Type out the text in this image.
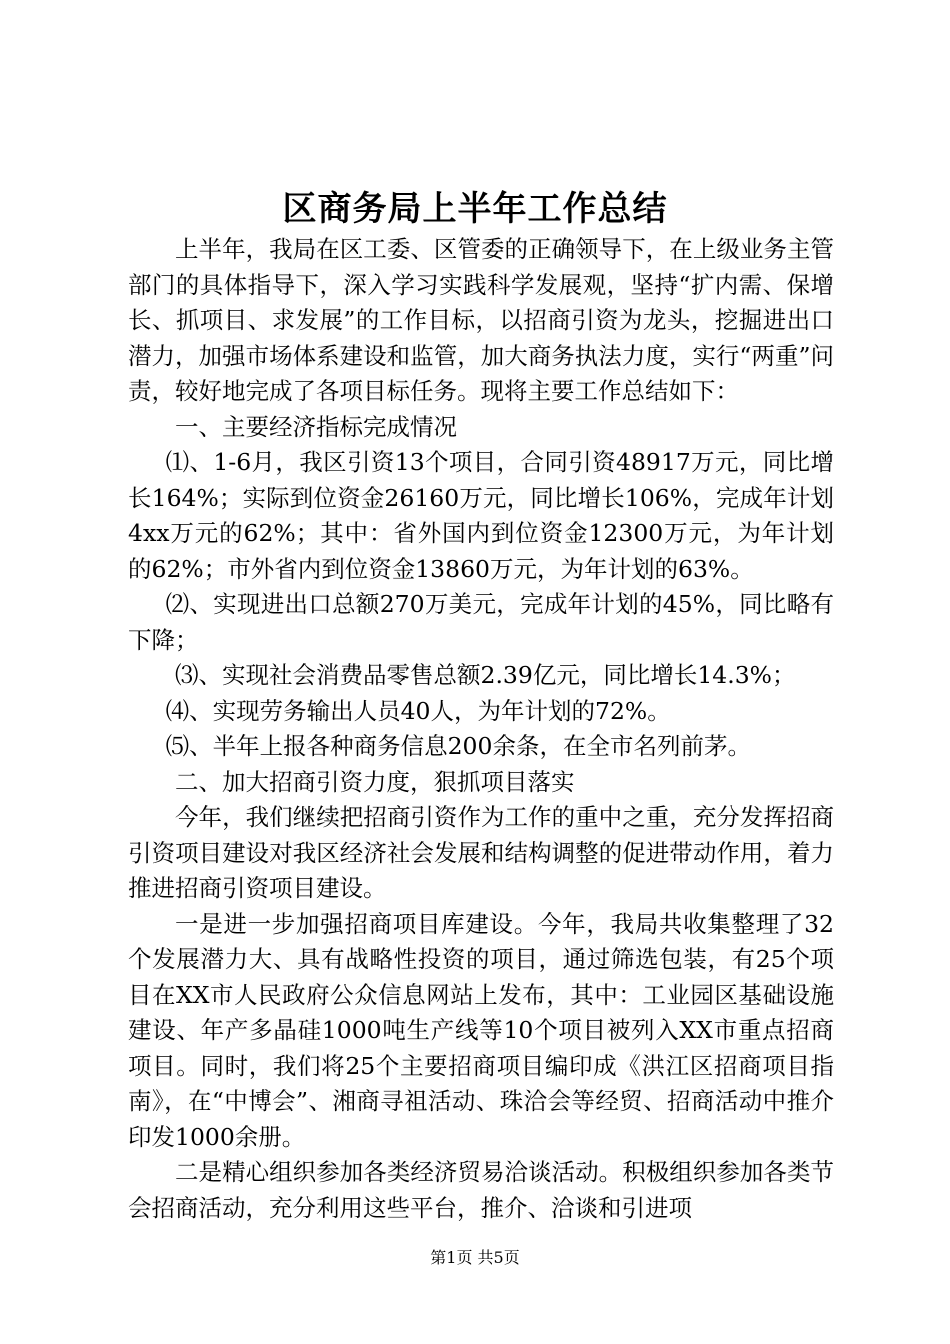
区商务局上半年工作总结

上半年，我局在区工委、区管委的正确领导下，在上级业务主管部门的具体指导下，深入学习实践科学发展观，坚持“扩内需、保增长、抓项目、求发展”的工作目标，以招商引资为龙头，挖掘进出口潜力，加强市场体系建设和监管，加大商务执法力度，实行“两重”问责，较好地完成了各项目标任务。现将主要工作总结如下：

一、主要经济指标完成情况

⑴、1-6月，我区引资13个项目，合同引资48917万元，同比增长164%；实际到位资金26160万元，同比增长106%，完成年计划4xx万元的62%；其中：省外国内到位资金12300万元，为年计划的62%；市外省内到位资金13860万元，为年计划的63%。

⑵、实现进出口总额270万美元，完成年计划的45%，同比略有下降；

⑶、实现社会消费品零售总额2.39亿元，同比增长14.3%；

⑷、实现劳务输出人员40人，为年计划的72%。

⑸、半年上报各种商务信息200余条，在全市名列前茅。

二、加大招商引资力度，狠抓项目落实

今年，我们继续把招商引资作为工作的重中之重，充分发挥招商引资项目建设对我区经济社会发展和结构调整的促进带动作用，着力推进招商引资项目建设。

一是进一步加强招商项目库建设。今年，我局共收集整理了32个发展潜力大、具有战略性投资的项目，通过筛选包装，有25个项目在XX市人民政府公众信息网站上发布，其中：工业园区基础设施建设、年产多晶硅1000吨生产线等10个项目被列入XX市重点招商项目。同时，我们将25个主要招商项目编印成《洪江区招商项目指南》，在“中博会”、湘商寻祖活动、珠洽会等经贸、招商活动中推介印发1000余册。

二是精心组织参加各类经济贸易洽谈活动。积极组织参加各类节会招商活动，充分利用这些平台，推介、洽谈和引进项

第1页 共5页
